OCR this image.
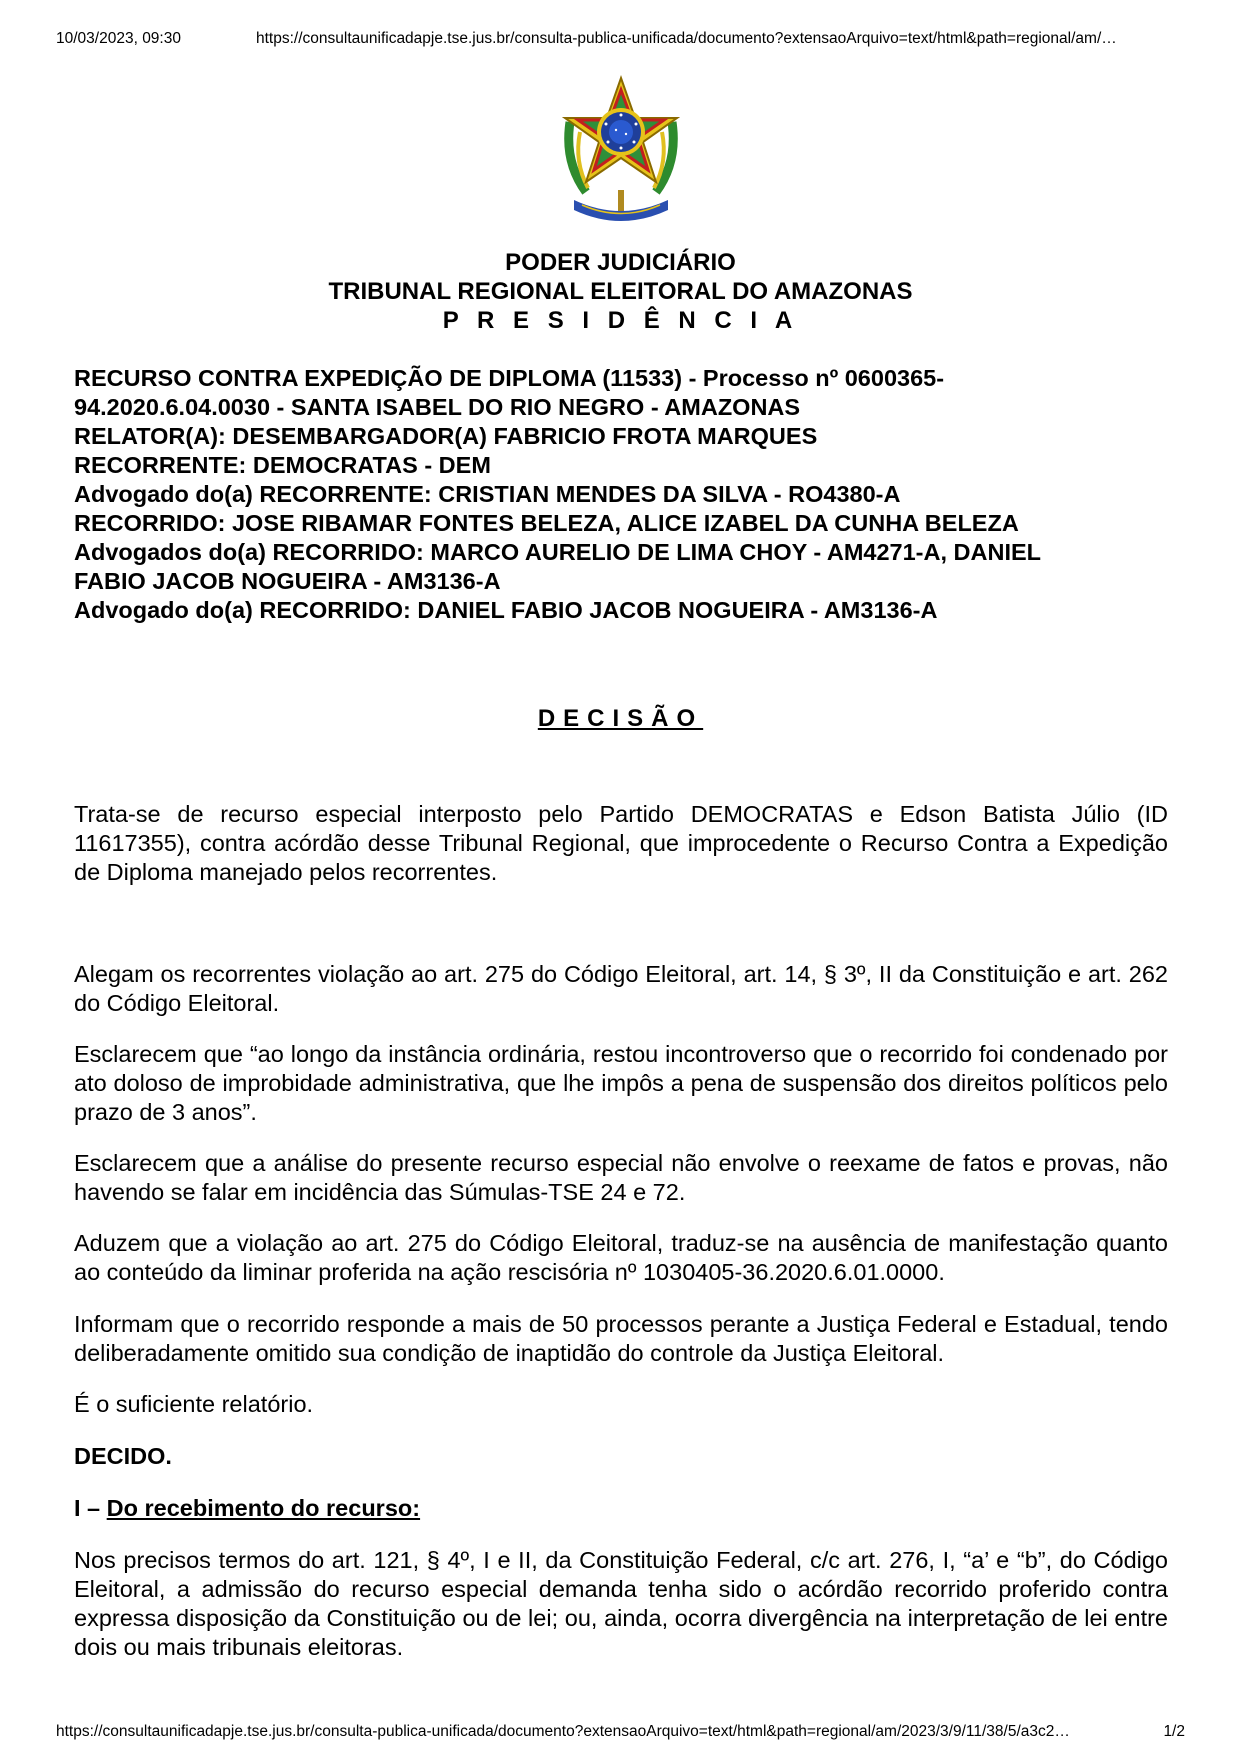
10/03/2023, 09:30	https://consultaunificadapje.tse.jus.br/consulta-publica-unificada/documento?extensaoArquivo=text/html&path=regional/am/…
PODER JUDICIÁRIO
TRIBUNAL REGIONAL ELEITORAL DO AMAZONAS
P R E S I D Ê N C I A
RECURSO CONTRA EXPEDIÇÃO DE DIPLOMA (11533) - Processo nº 0600365-
94.2020.6.04.0030 - SANTA ISABEL DO RIO NEGRO - AMAZONAS
RELATOR(A): DESEMBARGADOR(A) FABRICIO FROTA MARQUES
RECORRENTE: DEMOCRATAS - DEM
Advogado do(a) RECORRENTE: CRISTIAN MENDES DA SILVA - RO4380-A
RECORRIDO: JOSE RIBAMAR FONTES BELEZA, ALICE IZABEL DA CUNHA BELEZA
Advogados do(a) RECORRIDO: MARCO AURELIO DE LIMA CHOY - AM4271-A, DANIEL
FABIO JACOB NOGUEIRA - AM3136-A
Advogado do(a) RECORRIDO: DANIEL FABIO JACOB NOGUEIRA - AM3136-A
DECISÃO

Trata-se de recurso especial interposto pelo Partido DEMOCRATAS e Edson Batista Júlio (ID 11617355), contra acórdão desse Tribunal Regional, que improcedente o Recurso Contra a Expedição de Diploma manejado pelos recorrentes.

Alegam os recorrentes violação ao art. 275 do Código Eleitoral, art. 14, § 3º, II da Constituição e art. 262 do Código Eleitoral.

Esclarecem que “ao longo da instância ordinária, restou incontroverso que o recorrido foi condenado por ato doloso de improbidade administrativa, que lhe impôs a pena de suspensão dos direitos políticos pelo prazo de 3 anos”.

Esclarecem que a análise do presente recurso especial não envolve o reexame de fatos e provas, não havendo se falar em incidência das Súmulas-TSE 24 e 72.

Aduzem que a violação ao art. 275 do Código Eleitoral, traduz-se na ausência de manifestação quanto ao conteúdo da liminar proferida na ação rescisória nº 1030405-36.2020.6.01.0000.

Informam que o recorrido responde a mais de 50 processos perante a Justiça Federal e Estadual, tendo deliberadamente omitido sua condição de inaptidão do controle da Justiça Eleitoral.

É o suficiente relatório.

DECIDO.

I – Do recebimento do recurso:

Nos precisos termos do art. 121, § 4º, I e II, da Constituição Federal, c/c art. 276, I, “a’ e “b”, do Código Eleitoral, a admissão do recurso especial demanda tenha sido o acórdão recorrido proferido contra expressa disposição da Constituição ou de lei; ou, ainda, ocorra divergência na interpretação de lei entre dois ou mais tribunais eleitoras.

https://consultaunificadapje.tse.jus.br/consulta-publica-unificada/documento?extensaoArquivo=text/html&path=regional/am/2023/3/9/11/38/5/a3c2…	1/2
